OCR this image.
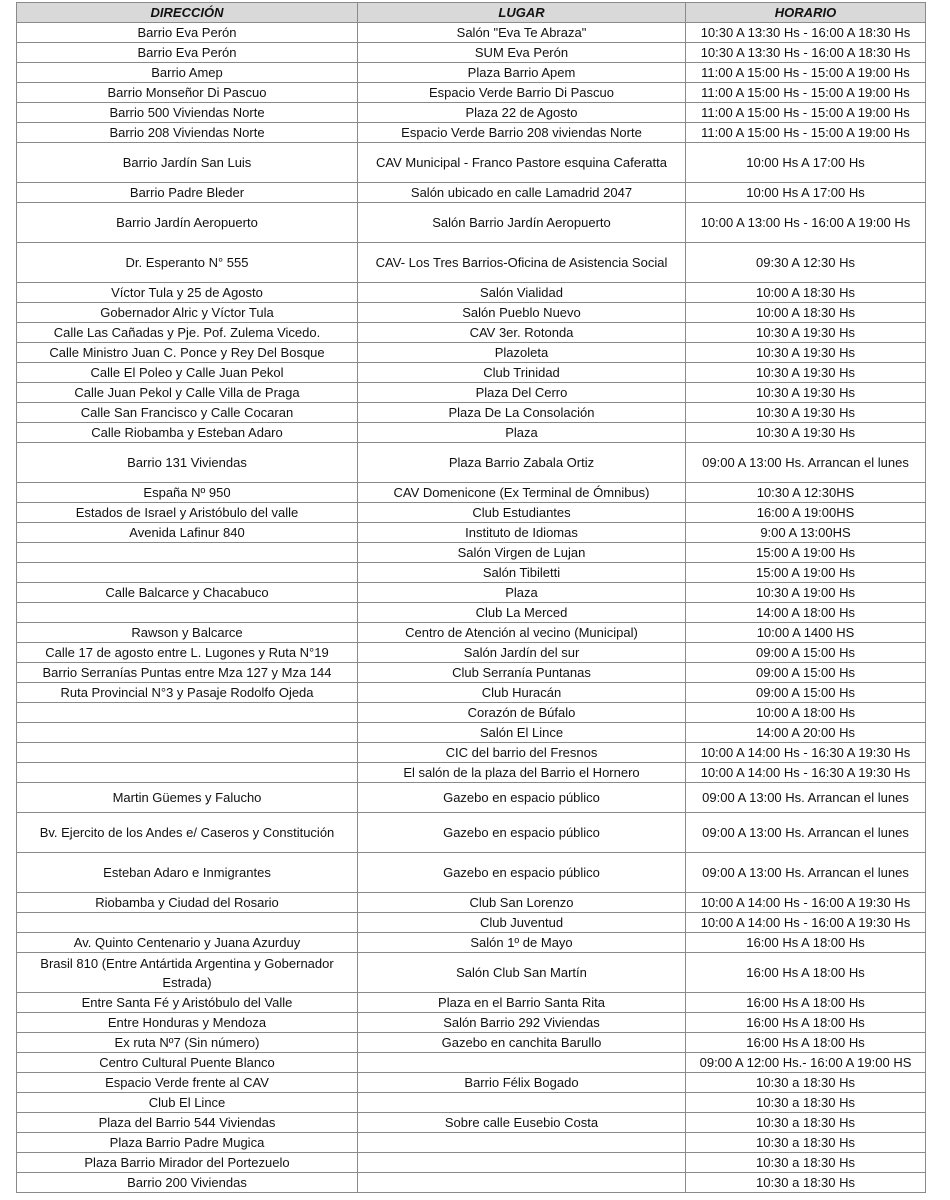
DIRECCIÓN	LUGAR	HORARIO
Barrio Eva Perón	Salón "Eva Te Abraza"	10:30 A 13:30 Hs - 16:00 A 18:30 Hs
Barrio Eva Perón	SUM Eva Perón	10:30 A 13:30 Hs - 16:00 A 18:30 Hs
Barrio Amep	Plaza Barrio Apem	11:00 A 15:00 Hs - 15:00 A 19:00 Hs
Barrio Monseñor Di Pascuo	Espacio Verde Barrio Di Pascuo	11:00 A 15:00 Hs - 15:00 A 19:00 Hs
Barrio 500 Viviendas Norte	Plaza 22 de Agosto	11:00 A 15:00 Hs - 15:00 A 19:00 Hs
Barrio 208 Viviendas Norte	Espacio Verde Barrio 208 viviendas Norte	11:00 A 15:00 Hs - 15:00 A 19:00 Hs
Barrio Jardín San Luis	CAV Municipal - Franco Pastore esquina Caferatta	10:00 Hs A 17:00 Hs
Barrio Padre Bleder	Salón ubicado en calle Lamadrid 2047	10:00 Hs A 17:00 Hs
Barrio Jardín Aeropuerto	Salón Barrio Jardín Aeropuerto	10:00 A 13:00 Hs - 16:00 A 19:00 Hs
Dr. Esperanto N° 555	CAV- Los Tres Barrios-Oficina de Asistencia Social	09:30 A 12:30 Hs
Víctor Tula y 25 de Agosto	Salón Vialidad	10:00 A 18:30 Hs
Gobernador Alric y Víctor Tula	Salón Pueblo Nuevo	10:00 A 18:30 Hs
Calle Las Cañadas y Pje. Pof. Zulema Vicedo.	CAV 3er. Rotonda	10:30 A 19:30 Hs
Calle Ministro Juan C. Ponce y Rey Del Bosque	Plazoleta	10:30 A 19:30 Hs
Calle El Poleo y Calle Juan Pekol	Club Trinidad	10:30 A 19:30 Hs
Calle Juan Pekol y Calle Villa de Praga	Plaza Del Cerro	10:30 A 19:30 Hs
Calle San Francisco y Calle Cocaran	Plaza De La Consolación	10:30 A 19:30 Hs
Calle Riobamba y Esteban Adaro	Plaza	10:30 A 19:30 Hs
Barrio 131 Viviendas	Plaza Barrio Zabala Ortiz	09:00 A 13:00 Hs. Arrancan el lunes
España Nº 950	CAV Domenicone (Ex Terminal de Ómnibus)	10:30 A 12:30HS
Estados de Israel y Aristóbulo del valle	Club Estudiantes	16:00 A 19:00HS
Avenida Lafinur 840	Instituto de Idiomas	9:00 A 13:00HS
	Salón Virgen de Lujan	15:00 A 19:00 Hs
	Salón Tibiletti	15:00 A 19:00 Hs
Calle Balcarce y Chacabuco	Plaza	10:30 A 19:00 Hs
	Club La Merced	14:00 A 18:00 Hs
Rawson y Balcarce	Centro de Atención al vecino (Municipal)	10:00 A 1400 HS
Calle 17 de agosto entre L. Lugones y Ruta N°19	Salón Jardín del sur	09:00 A 15:00 Hs
Barrio Serranías Puntas entre Mza 127 y Mza 144	Club Serranía Puntanas	09:00 A 15:00 Hs
Ruta Provincial N°3 y Pasaje Rodolfo Ojeda	Club Huracán	09:00 A 15:00 Hs
	Corazón de Búfalo	10:00 A 18:00 Hs
	Salón El Lince	14:00 A 20:00 Hs
	CIC del barrio del Fresnos	10:00 A 14:00 Hs - 16:30 A 19:30 Hs
	El salón de la plaza del Barrio el Hornero	10:00 A 14:00 Hs - 16:30 A 19:30 Hs
Martin Güemes y Falucho	Gazebo en espacio público	09:00 A 13:00 Hs. Arrancan el lunes
Bv. Ejercito de los Andes e/ Caseros y Constitución	Gazebo en espacio público	09:00 A 13:00 Hs. Arrancan el lunes
Esteban Adaro e Inmigrantes	Gazebo en espacio público	09:00 A 13:00 Hs. Arrancan el lunes
Riobamba y Ciudad del Rosario	Club San Lorenzo	10:00 A 14:00 Hs - 16:00 A 19:30 Hs
	Club Juventud	10:00 A 14:00 Hs - 16:00 A 19:30 Hs
Av. Quinto Centenario y Juana Azurduy	Salón 1º de Mayo	16:00 Hs A 18:00 Hs
Brasil 810 (Entre Antártida Argentina y Gobernador Estrada)	Salón Club San Martín	16:00 Hs A 18:00 Hs
Entre Santa Fé y Aristóbulo del Valle	Plaza en el Barrio Santa Rita	16:00 Hs A 18:00 Hs
Entre Honduras y Mendoza	Salón Barrio 292 Viviendas	16:00 Hs A 18:00 Hs
Ex ruta Nº7 (Sin número)	Gazebo en canchita Barullo	16:00 Hs A 18:00 Hs
Centro Cultural Puente Blanco		09:00 A 12:00 Hs.- 16:00 A 19:00 HS
Espacio Verde frente al CAV	Barrio Félix Bogado	10:30 a 18:30 Hs
Club El Lince		10:30 a 18:30 Hs
Plaza del Barrio 544 Viviendas	Sobre calle Eusebio Costa	10:30 a 18:30 Hs
Plaza Barrio Padre Mugica		10:30 a 18:30 Hs
Plaza Barrio Mirador del Portezuelo		10:30 a 18:30 Hs
Barrio 200 Viviendas		10:30 a 18:30 Hs
